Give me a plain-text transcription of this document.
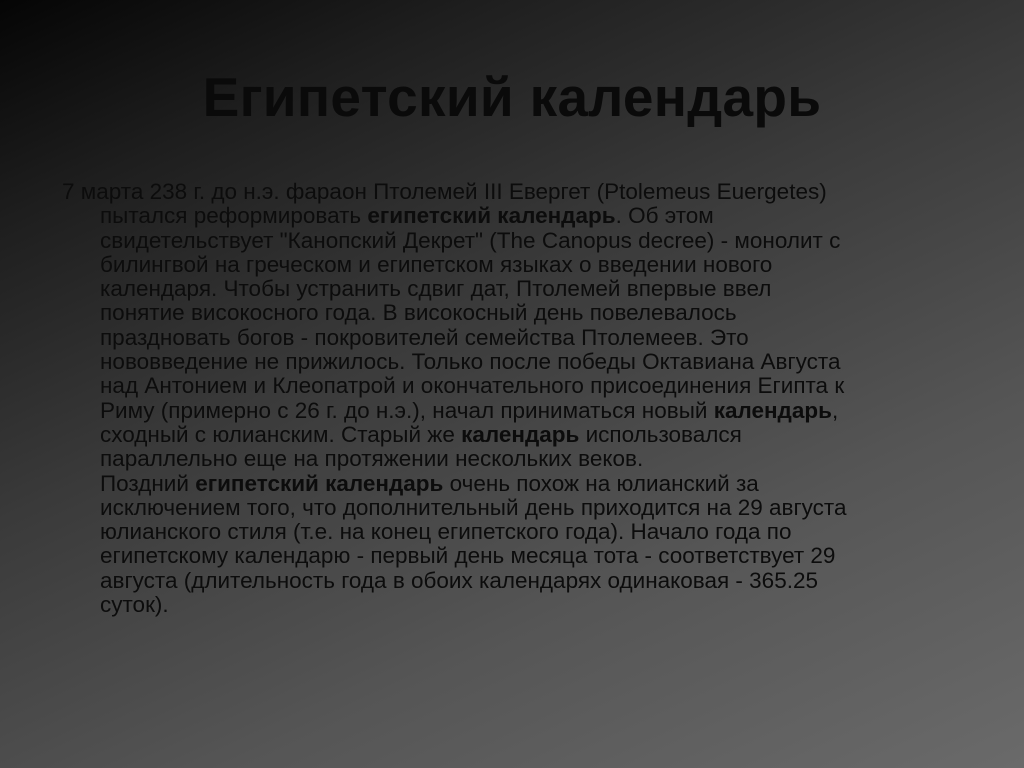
Египетский календарь

7 марта 238 г. до н.э. фараон Птолемей III Евергет (Ptolemeus Euergetes)
пытался реформировать египетский календарь. Об этом
свидетельствует "Канопский Декрет" (The Canopus decree) - монолит с
билингвой на греческом и египетском языках о введении нового
календаря. Чтобы устранить сдвиг дат, Птолемей впервые ввел
понятие високосного года. В високосный день повелевалось
праздновать богов - покровителей семейства Птолемеев. Это
нововведение не прижилось. Только после победы Октавиана Августа
над Антонием и Клеопатрой и окончательного присоединения Египта к
Риму (примерно с 26 г. до н.э.), начал приниматься новый календарь,
сходный с юлианским. Старый же календарь использовался
параллельно еще на протяжении нескольких веков.

Поздний египетский календарь очень похож на юлианский за
исключением того, что дополнительный день приходится на 29 августа
юлианского стиля (т.е. на конец египетского года). Начало года по
египетскому календарю - первый день месяца тота - соответствует 29
августа (длительность года в обоих календарях одинаковая - 365.25
суток).
